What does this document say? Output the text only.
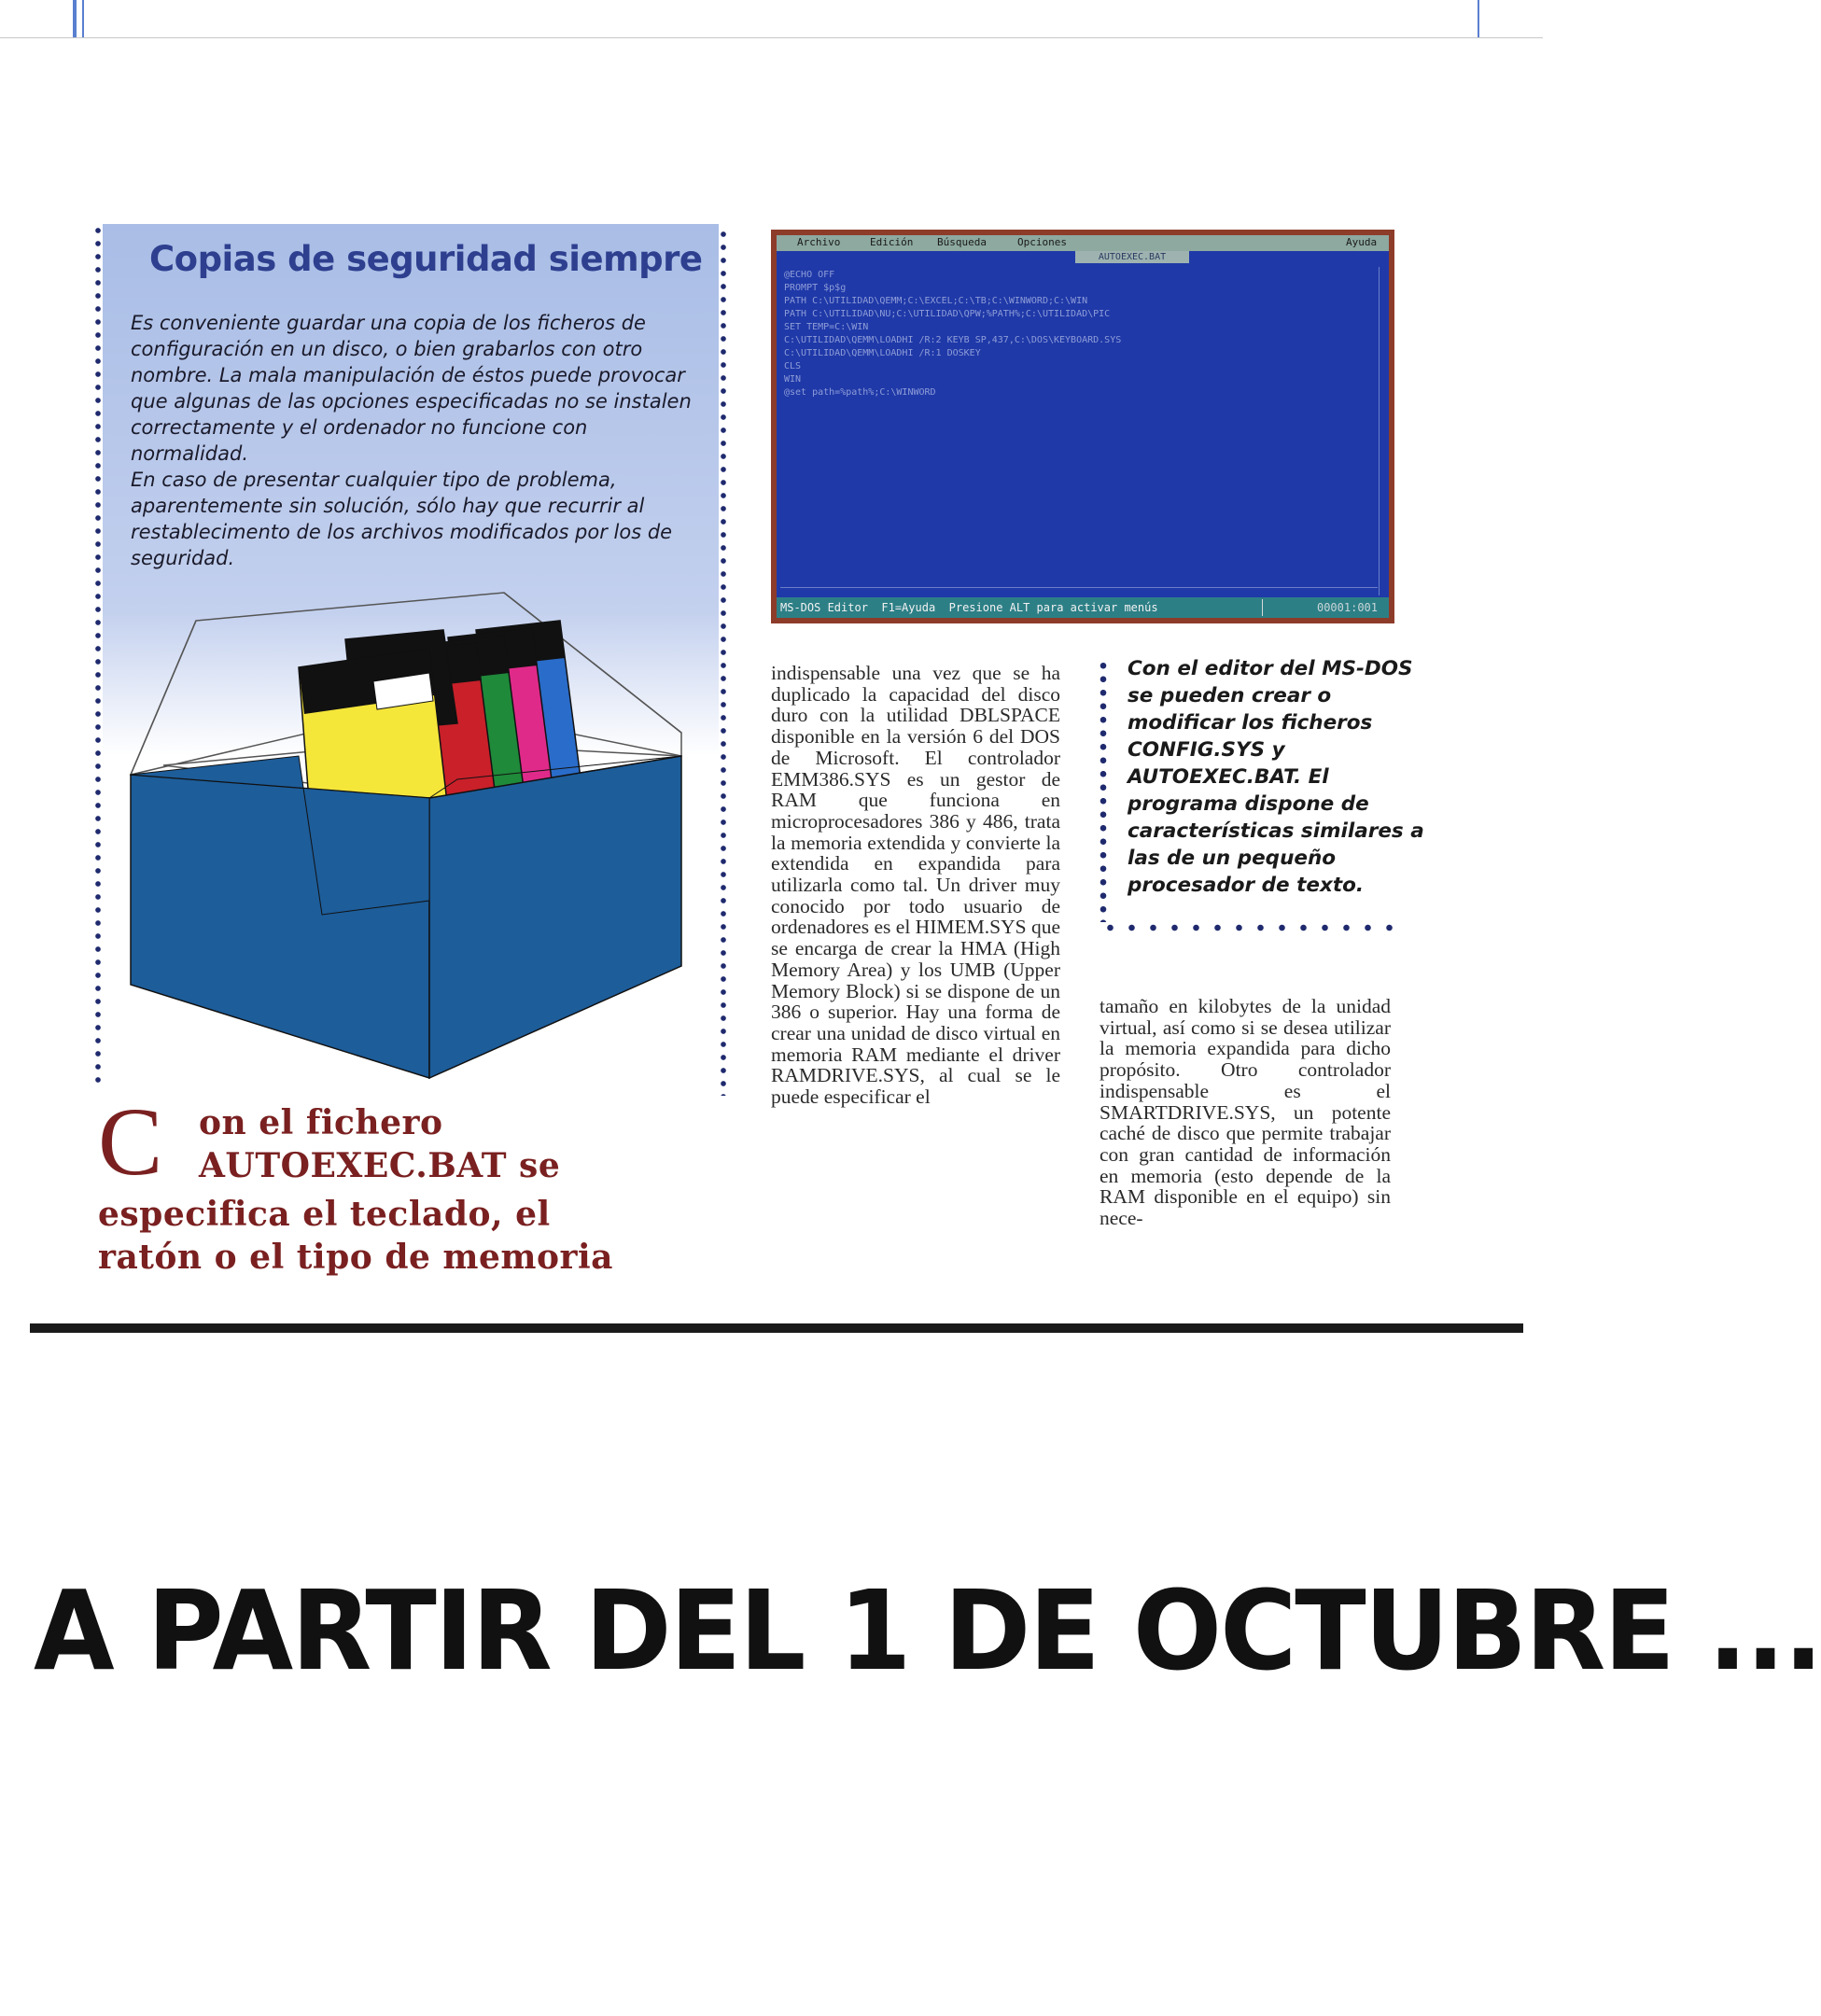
Copias de seguridad siempre

Es conveniente guardar una copia de los ficheros de configuración en un disco, o bien grabarlos con otro nombre. La mala manipulación de éstos puede provocar que algunas de las opciones especificadas no se instalen correctamente y el ordenador no funcione con normalidad.

En caso de presentar cualquier tipo de problema, aparentemente sin solución, sólo hay que recurrir al restablecimento de los archivos modificados por los de seguridad.

Archivo	Edición Búsqueda	Opciones	Ayuda
AUTOEXEC.BAT
@ECHO OFF
PROMPT $p$g
PATH C:\UTILIDAD\QEMM;C:\EXCEL;C:\TB;C:\WINWORD;C:\WIN
PATH C:\UTILIDAD\NU;C:\UTILIDAD\QPW;%PATH%;C:\UTILIDAD\PIC
SET TEMP=C:\WIN
C:\UTILIDAD\QEMM\LOADHI /R:2 KEYB SP,437,C:\DOS\KEYBOARD.SYS
C:\UTILIDAD\QEMM\LOADHI /R:1 DOSKEY
CLS
WIN
@set path=%path%;C:\WINWORD
MS-DOS Editor  F1=Ayuda  Presione ALT para activar menús	00001:001

indispensable una vez que se ha duplicado la capacidad del disco duro con la utilidad DBLSPACE disponible en la versión 6 del DOS de Microsoft. El controlador EMM386.SYS es un gestor de RAM que funciona en microprocesadores 386 y 486, trata la memoria extendida y convierte la extendida en expandida para utilizarla como tal. Un driver muy conocido por todo usuario de ordenadores es el HIMEM.SYS que se encarga de crear la HMA (High Memory Area) y los UMB (Upper Memory Block) si se dispone de un 386 o superior. Hay una forma de crear una unidad de disco virtual en memoria RAM mediante el driver RAMDRIVE.SYS, al cual se le puede especificar el

Con el editor del MS-DOS se pueden crear o modificar los ficheros CONFIG.SYS y AUTOEXEC.BAT. El programa dispone de características similares a las de un pequeño procesador de texto.

tamaño en kilobytes de la unidad virtual, así como si se desea utilizar la memoria expandida para dicho propósito. Otro controlador indispensable es el SMARTDRIVE.SYS, un potente caché de disco que permite trabajar con gran cantidad de información en memoria (esto depende de la RAM disponible en el equipo) sin nece-

C on el fichero
AUTOEXEC.BAT se
especifica el teclado, el
ratón o el tipo de memoria
A PARTIR DEL 1 DE OCTUBRE ...
